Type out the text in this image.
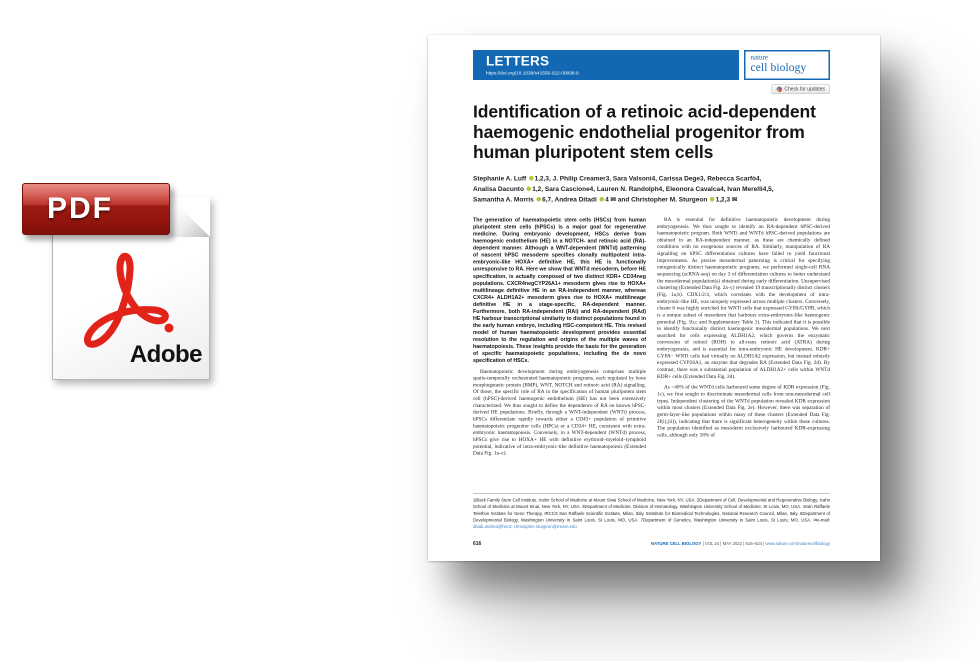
Adobe
PDF
LETTERS
https://doi.org/10.1038/s41556-022-00898-9
nature
cell biology
Check for updates
Identification of a retinoic acid-dependent haemogenic endothelial progenitor from human pluripotent stem cells
Stephanie A. Luff 1,2,3, J. Philip Creamer3, Sara Valsoni4, Carissa Dege3, Rebecca Scarfò4,
Analisa Dacunto 1,2, Sara Cascione4, Lauren N. Randolph4, Eleonora Cavalca4, Ivan Merelli4,5,
Samantha A. Morris 6,7, Andrea Ditadi 4 ✉ and Christopher M. Sturgeon 1,2,3 ✉

The generation of haematopoietic stem cells (HSCs) from human pluripotent stem cells (hPSCs) is a major goal for regenerative medicine. During embryonic development, HSCs derive from haemogenic endothelium (HE) in a NOTCH- and retinoic acid (RA)-dependent manner. Although a WNT-dependent (WNTd) patterning of nascent hPSC mesoderm specifies clonally multipotent intra-embryonic-like HOXA+ definitive HE, this HE is functionally unresponsive to RA. Here we show that WNTd mesoderm, before HE specification, is actually composed of two distinct KDR+ CD34neg populations. CXCR4negCYP26A1+ mesoderm gives rise to HOXA+ multilineage definitive HE in an RA-independent manner, whereas CXCR4+ ALDH1A2+ mesoderm gives rise to HOXA+ multilineage definitive HE in a stage-specific, RA-dependent manner. Furthermore, both RA-independent (RAi) and RA-dependent (RAd) HE harbour transcriptional similarity to distinct populations found in the early human embryo, including HSC-competent HE. This revised model of human haematopoietic development provides essential resolution to the regulation and origins of the multiple waves of haematopoiesis. These insights provide the basis for the generation of specific haematopoietic populations, including the de novo specification of HSCs.

Haematopoietic development during embryogenesis comprises multiple spatio-temporally orchestrated haematopoietic programs, each regulated by bone morphogenetic protein (BMP), WNT, NOTCH and retinoic acid (RA) signalling. Of those, the specific role of RA in the specification of human pluripotent stem cell (hPSC)-derived haemogenic endothelium (HE) has not been extensively characterized. We thus sought to define the dependence of RA on known hPSC-derived HE populations. Briefly, through a WNT-independent (WNTi) process, hPSCs differentiate rapidly towards either a CD43+ population of primitive haematopoietic progenitor cells (HPCs) or a CD34+ HE, consistent with extra-embryonic haematopoiesis. Conversely, in a WNT-dependent (WNTd) process, hPSCs give rise to HOXA+ HE with definitive erythroid–myeloid–lymphoid potential, indicative of intra-embryonic-like definitive haematopoiesis (Extended Data Fig. 1a–c).

RA is essential for definitive haematopoietic development during embryogenesis. We thus sought to identify an RA-dependent hPSC-derived haematopoietic program. Both WNTi and WNTd hPSC-derived populations are obtained in an RA-independent manner, as these are chemically defined conditions with no exogenous sources of RA. Similarly, manipulation of RA signalling on hPSC differentiation cultures have failed to yield functional improvements. As precise mesodermal patterning is critical for specifying ontogenically distinct haematopoietic programs, we performed single-cell RNA sequencing (scRNA-seq) on day 3 of differentiation cultures to better understand the mesodermal population(s) obtained during early differentiation. Unsupervised clustering (Extended Data Fig. 2a–c) revealed 19 transcriptionally distinct clusters (Fig. 1a,b). CDX1/2/4, which correlates with the development of intra-embryonic-like HE, was uniquely expressed across multiple clusters. Conversely, cluster 6 was highly enriched for WNTi cells that expressed GYPA/GYPB, which is a unique subset of mesoderm that harbours extra-embryonic-like haemogenic potential (Fig. 1b,c and Supplementary Table 1). This indicated that it is possible to identify functionally distinct haemogenic mesodermal populations. We next searched for cells expressing ALDH1A2, which governs the enzymatic conversion of retinol (ROH) to all-trans retinoic acid (ATRA) during embryogenesis, and is essential for intra-embryonic HE development. KDR+ GYPA− WNTi cells had virtually no ALDH1A2 expression, but instead robustly expressed CYP26A1, an enzyme that degrades RA (Extended Data Fig. 2d). By contrast, there was a substantial population of ALDH1A2+ cells within WNTd KDR+ cells (Extended Data Fig. 2d).

As ~40% of the WNTd cells harboured some degree of KDR expression (Fig. 1c), we first sought to discriminate mesodermal cells from non-mesodermal cell types. Independent clustering of the WNTd population revealed KDR expression within most clusters (Extended Data Fig. 2e). However, there was separation of germ-layer-like populations within many of these clusters (Extended Data Fig. 2f(i),(ii)), indicating that there is significant heterogeneity within these cultures. The population identified as mesoderm exclusively harboured KDR-expressing cells, although only 58% of

1Black Family Stem Cell Institute, Icahn School of Medicine at Mount Sinai School of Medicine, New York, NY, USA. 2Department of Cell, Developmental and Regenerative Biology, Icahn School of Medicine at Mount Sinai, New York, NY, USA. 3Department of Medicine, Division of Hematology, Washington University School of Medicine, St Louis, MO, USA. 4San Raffaele Telethon Institute for Gene Therapy, IRCCS San Raffaele Scientific Institute, Milan, Italy. 5Institute for Biomedical Technologies, National Research Council, Milan, Italy. 6Department of Developmental Biology, Washington University in Saint Louis, St Louis, MO, USA. 7Department of Genetics, Washington University in Saint Louis, St Louis, MO, USA. ✉e-mail: ditadi.andrea@hsr.it; christopher.sturgeon@mssm.edu
616	NATURE CELL BIOLOGY | VOL 24 | MAY 2022 | 616–624 | www.nature.com/naturecellbiology
